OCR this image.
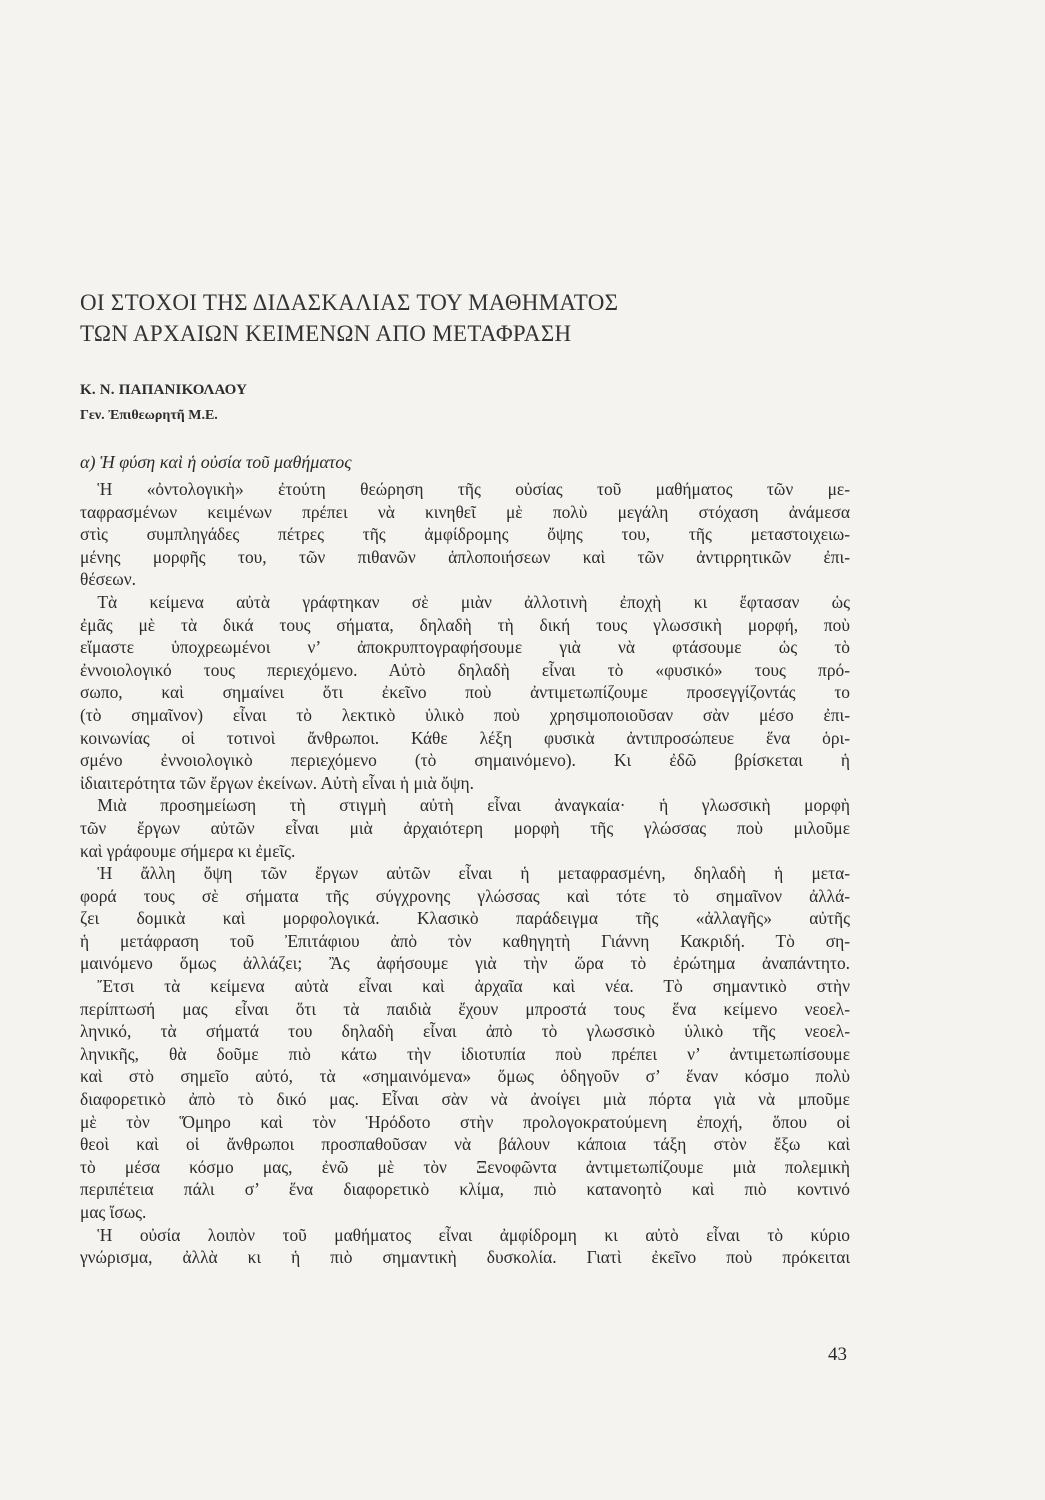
ΟΙ ΣΤΟΧΟΙ ΤΗΣ ΔΙΔΑΣΚΑΛΙΑΣ ΤΟΥ ΜΑΘΗΜΑΤΟΣ
ΤΩΝ ΑΡΧΑΙΩΝ ΚΕΙΜΕΝΩΝ ΑΠΟ ΜΕΤΑΦΡΑΣΗ
Κ. Ν. ΠΑΠΑΝΙΚΟΛΑΟΥ
Γεν. Ἐπιθεωρητῆ Μ.Ε.
α) Ἡ φύση καὶ ἡ οὐσία τοῦ μαθήματος
 Ἡ «ὀντολογικὴ» ἐτούτη θεώρηση τῆς οὐσίας τοῦ μαθήματος τῶν με-
ταφρασμένων κειμένων πρέπει νὰ κινηθεῖ μὲ πολὺ μεγάλη στόχαση ἀνάμεσα
στὶς συμπληγάδες πέτρες τῆς ἀμφίδρομης ὄψης του, τῆς μεταστοιχειω-
μένης μορφῆς του, τῶν πιθανῶν ἁπλοποιήσεων καὶ τῶν ἀντιρρητικῶν ἐπι-
θέσεων.
 Τὰ κείμενα αὐτὰ γράφτηκαν σὲ μιὰν ἀλλοτινὴ ἐποχὴ κι ἔφτασαν ὡς
ἐμᾶς μὲ τὰ δικά τους σήματα, δηλαδὴ τὴ δική τους γλωσσικὴ μορφή, ποὺ
εἴμαστε ὑποχρεωμένοι ν’ ἀποκρυπτογραφήσουμε γιὰ νὰ φτάσουμε ὡς τὸ
ἐννοιολογικό τους περιεχόμενο. Αὐτὸ δηλαδὴ εἶναι τὸ «φυσικό» τους πρό-
σωπο, καὶ σημαίνει ὅτι ἐκεῖνο ποὺ ἀντιμετωπίζουμε προσεγγίζοντάς το
(τὸ σημαῖνον) εἶναι τὸ λεκτικὸ ὑλικὸ ποὺ χρησιμοποιοῦσαν σὰν μέσο ἐπι-
κοινωνίας οἱ τοτινοὶ ἄνθρωποι. Κάθε λέξη φυσικὰ ἀντιπροσώπευε ἕνα ὁρι-
σμένο ἐννοιολογικὸ περιεχόμενο (τὸ σημαινόμενο). Κι ἐδῶ βρίσκεται ἡ
ἰδιαιτερότητα τῶν ἔργων ἐκείνων. Αὐτὴ εἶναι ἡ μιὰ ὄψη.
 Μιὰ προσημείωση τὴ στιγμὴ αὐτὴ εἶναι ἀναγκαία· ἡ γλωσσικὴ μορφὴ
τῶν ἔργων αὐτῶν εἶναι μιὰ ἀρχαιότερη μορφὴ τῆς γλώσσας ποὺ μιλοῦμε
καὶ γράφουμε σήμερα κι ἐμεῖς.
 Ἡ ἄλλη ὄψη τῶν ἔργων αὐτῶν εἶναι ἡ μεταφρασμένη, δηλαδὴ ἡ μετα-
φορά τους σὲ σήματα τῆς σύγχρονης γλώσσας καὶ τότε τὸ σημαῖνον ἀλλά-
ζει δομικὰ καὶ μορφολογικά. Κλασικὸ παράδειγμα τῆς «ἀλλαγῆς» αὐτῆς
ἡ μετάφραση τοῦ Ἐπιτάφιου ἀπὸ τὸν καθηγητὴ Γιάννη Κακριδή. Τὸ ση-
μαινόμενο ὅμως ἀλλάζει; Ἂς ἀφήσουμε γιὰ τὴν ὥρα τὸ ἐρώτημα ἀναπάντητο.
 Ἔτσι τὰ κείμενα αὐτὰ εἶναι καὶ ἀρχαῖα καὶ νέα. Τὸ σημαντικὸ στὴν
περίπτωσή μας εἶναι ὅτι τὰ παιδιὰ ἔχουν μπροστά τους ἕνα κείμενο νεοελ-
ληνικό, τὰ σήματά του δηλαδὴ εἶναι ἀπὸ τὸ γλωσσικὸ ὑλικὸ τῆς νεοελ-
ληνικῆς, θὰ δοῦμε πιὸ κάτω τὴν ἰδιοτυπία ποὺ πρέπει ν’ ἀντιμετωπίσουμε
καὶ στὸ σημεῖο αὐτό, τὰ «σημαινόμενα» ὅμως ὁδηγοῦν σ’ ἕναν κόσμο πολὺ
διαφορετικὸ ἀπὸ τὸ δικό μας. Εἶναι σὰν νὰ ἀνοίγει μιὰ πόρτα γιὰ νὰ μποῦμε
μὲ τὸν Ὅμηρο καὶ τὸν Ἡρόδοτο στὴν προλογοκρατούμενη ἐποχή, ὅπου οἱ
θεοὶ καὶ οἱ ἄνθρωποι προσπαθοῦσαν νὰ βάλουν κάποια τάξη στὸν ἔξω καὶ
τὸ μέσα κόσμο μας, ἐνῶ μὲ τὸν Ξενοφῶντα ἀντιμετωπίζουμε μιὰ πολεμικὴ
περιπέτεια πάλι σ’ ἕνα διαφορετικὸ κλίμα, πιὸ κατανοητὸ καὶ πιὸ κοντινό
μας ἴσως.
 Ἡ οὐσία λοιπὸν τοῦ μαθήματος εἶναι ἀμφίδρομη κι αὐτὸ εἶναι τὸ κύριο
γνώρισμα, ἀλλὰ κι ἡ πιὸ σημαντικὴ δυσκολία. Γιατὶ ἐκεῖνο ποὺ πρόκειται
43
